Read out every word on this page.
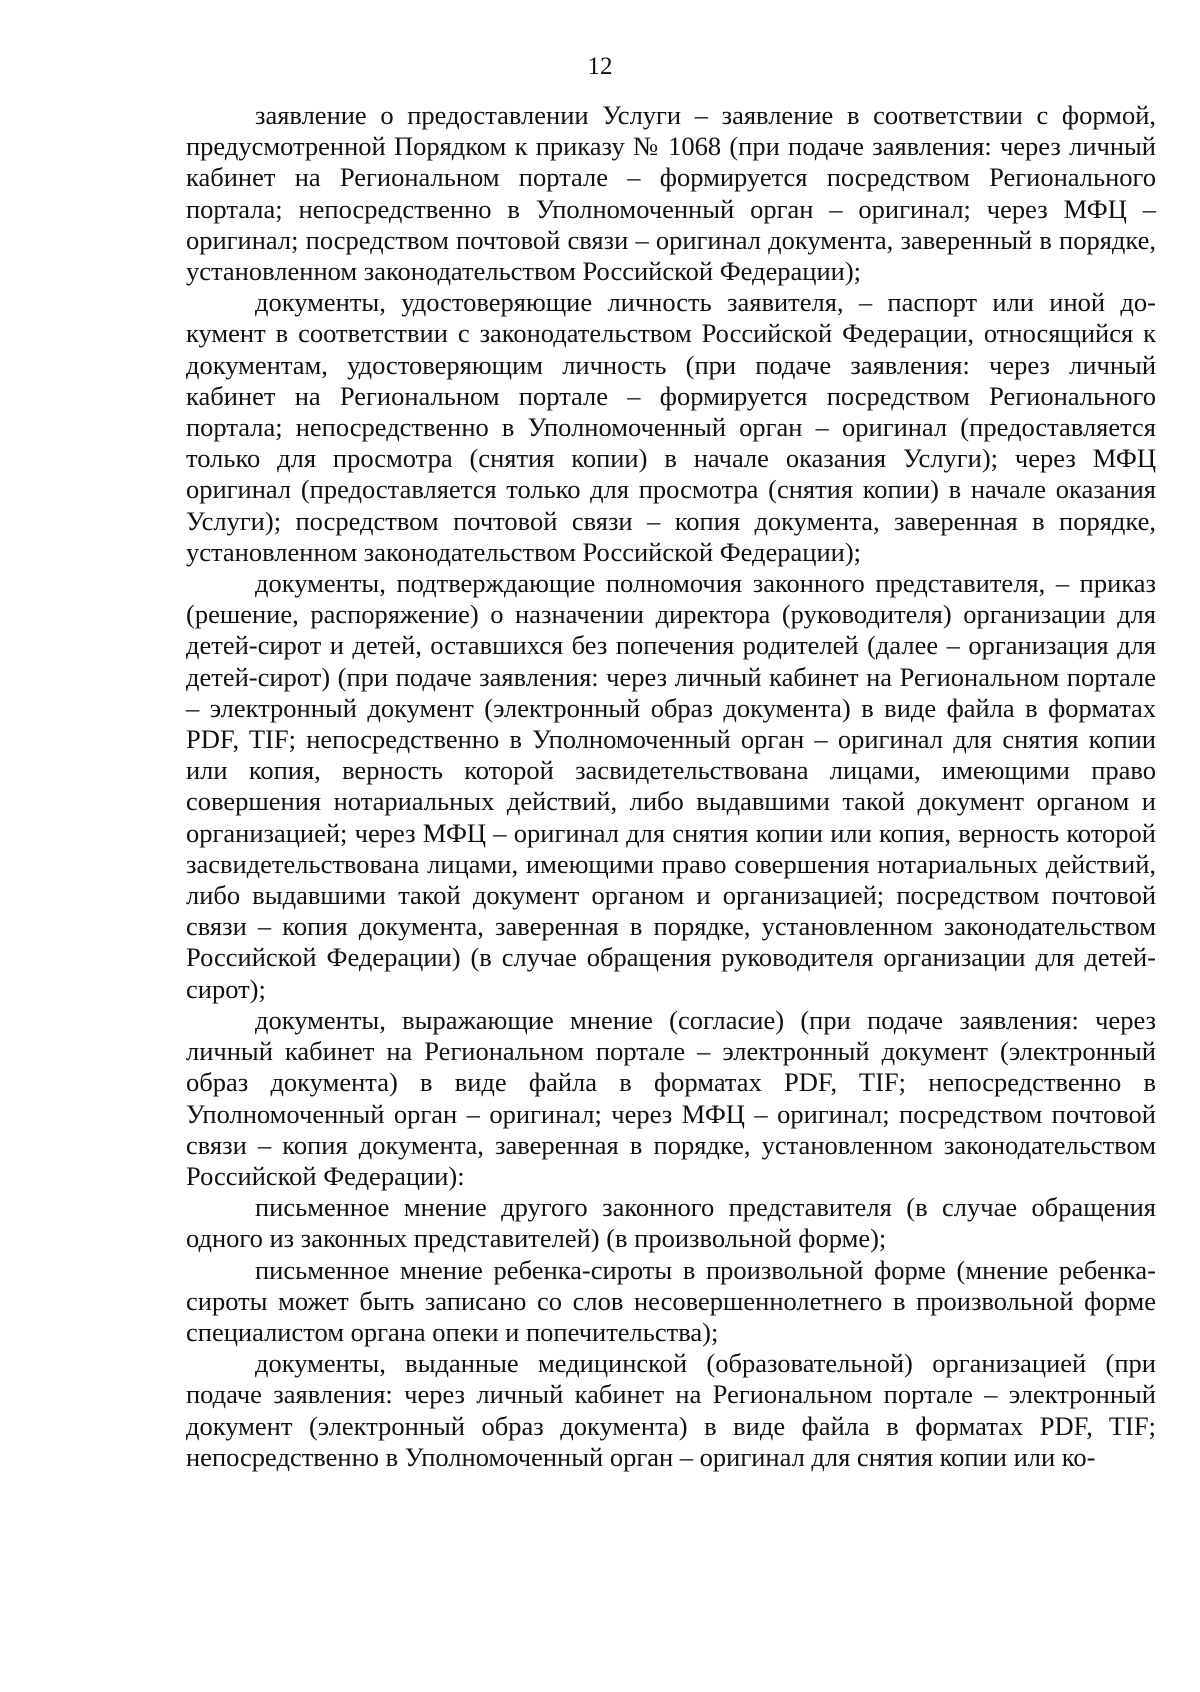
12

заявление о предоставлении Услуги – заявление в соответствии с формой, предусмотренной Порядком к приказу № 1068 (при подаче заявления: через личный кабинет на Региональном портале – формируется посредством Регионального портала; непосредственно в Уполномоченный орган – оригинал; через МФЦ – оригинал; посредством почтовой связи – оригинал документа, заверенный в порядке, установленном законодательством Российской Федерации);

документы, удостоверяющие личность заявителя, – паспорт или иной документ в соответствии с законодательством Российской Федерации, относящийся к документам, удостоверяющим личность (при подаче заявления: через личный кабинет на Региональном портале – формируется посредством Регионального портала; непосредственно в Уполномоченный орган – оригинал (предоставляется только для просмотра (снятия копии) в начале оказания Услуги); через МФЦ оригинал (предоставляется только для просмотра (снятия копии) в начале оказания Услуги); посредством почтовой связи – копия документа, заверенная в порядке, установленном законодательством Российской Федерации);

документы, подтверждающие полномочия законного представителя, – приказ (решение, распоряжение) о назначении директора (руководителя) организации для детей-сирот и детей, оставшихся без попечения родителей (далее – организация для детей-сирот) (при подаче заявления: через личный кабинет на Региональном портале – электронный документ (электронный образ документа) в виде файла в форматах PDF, TIF; непосредственно в Уполномоченный орган – оригинал для снятия копии или копия, верность которой засвидетельствована лицами, имеющими право совершения нотариальных действий, либо выдавшими такой документ органом и организацией; через МФЦ – оригинал для снятия копии или копия, верность которой засвидетельствована лицами, имеющими право совершения нотариальных действий, либо выдавшими такой документ органом и организацией; посредством почтовой связи – копия документа, заверенная в порядке, установленном законодательством Российской Федерации) (в случае обращения руководителя организации для детей-сирот);

документы, выражающие мнение (согласие) (при подаче заявления: через личный кабинет на Региональном портале – электронный документ (электронный образ документа) в виде файла в форматах PDF, TIF; непосредственно в Уполномоченный орган – оригинал; через МФЦ – оригинал; посредством почтовой связи – копия документа, заверенная в порядке, установленном законодательством Российской Федерации):

письменное мнение другого законного представителя (в случае обращения одного из законных представителей) (в произвольной форме);

письменное мнение ребенка-сироты в произвольной форме (мнение ребенка-сироты может быть записано со слов несовершеннолетнего в произвольной форме специалистом органа опеки и попечительства);

документы, выданные медицинской (образовательной) организацией (при подаче заявления: через личный кабинет на Региональном портале – электронный документ (электронный образ документа) в виде файла в форматах PDF, TIF; непосредственно в Уполномоченный орган – оригинал для снятия копии или ко-
